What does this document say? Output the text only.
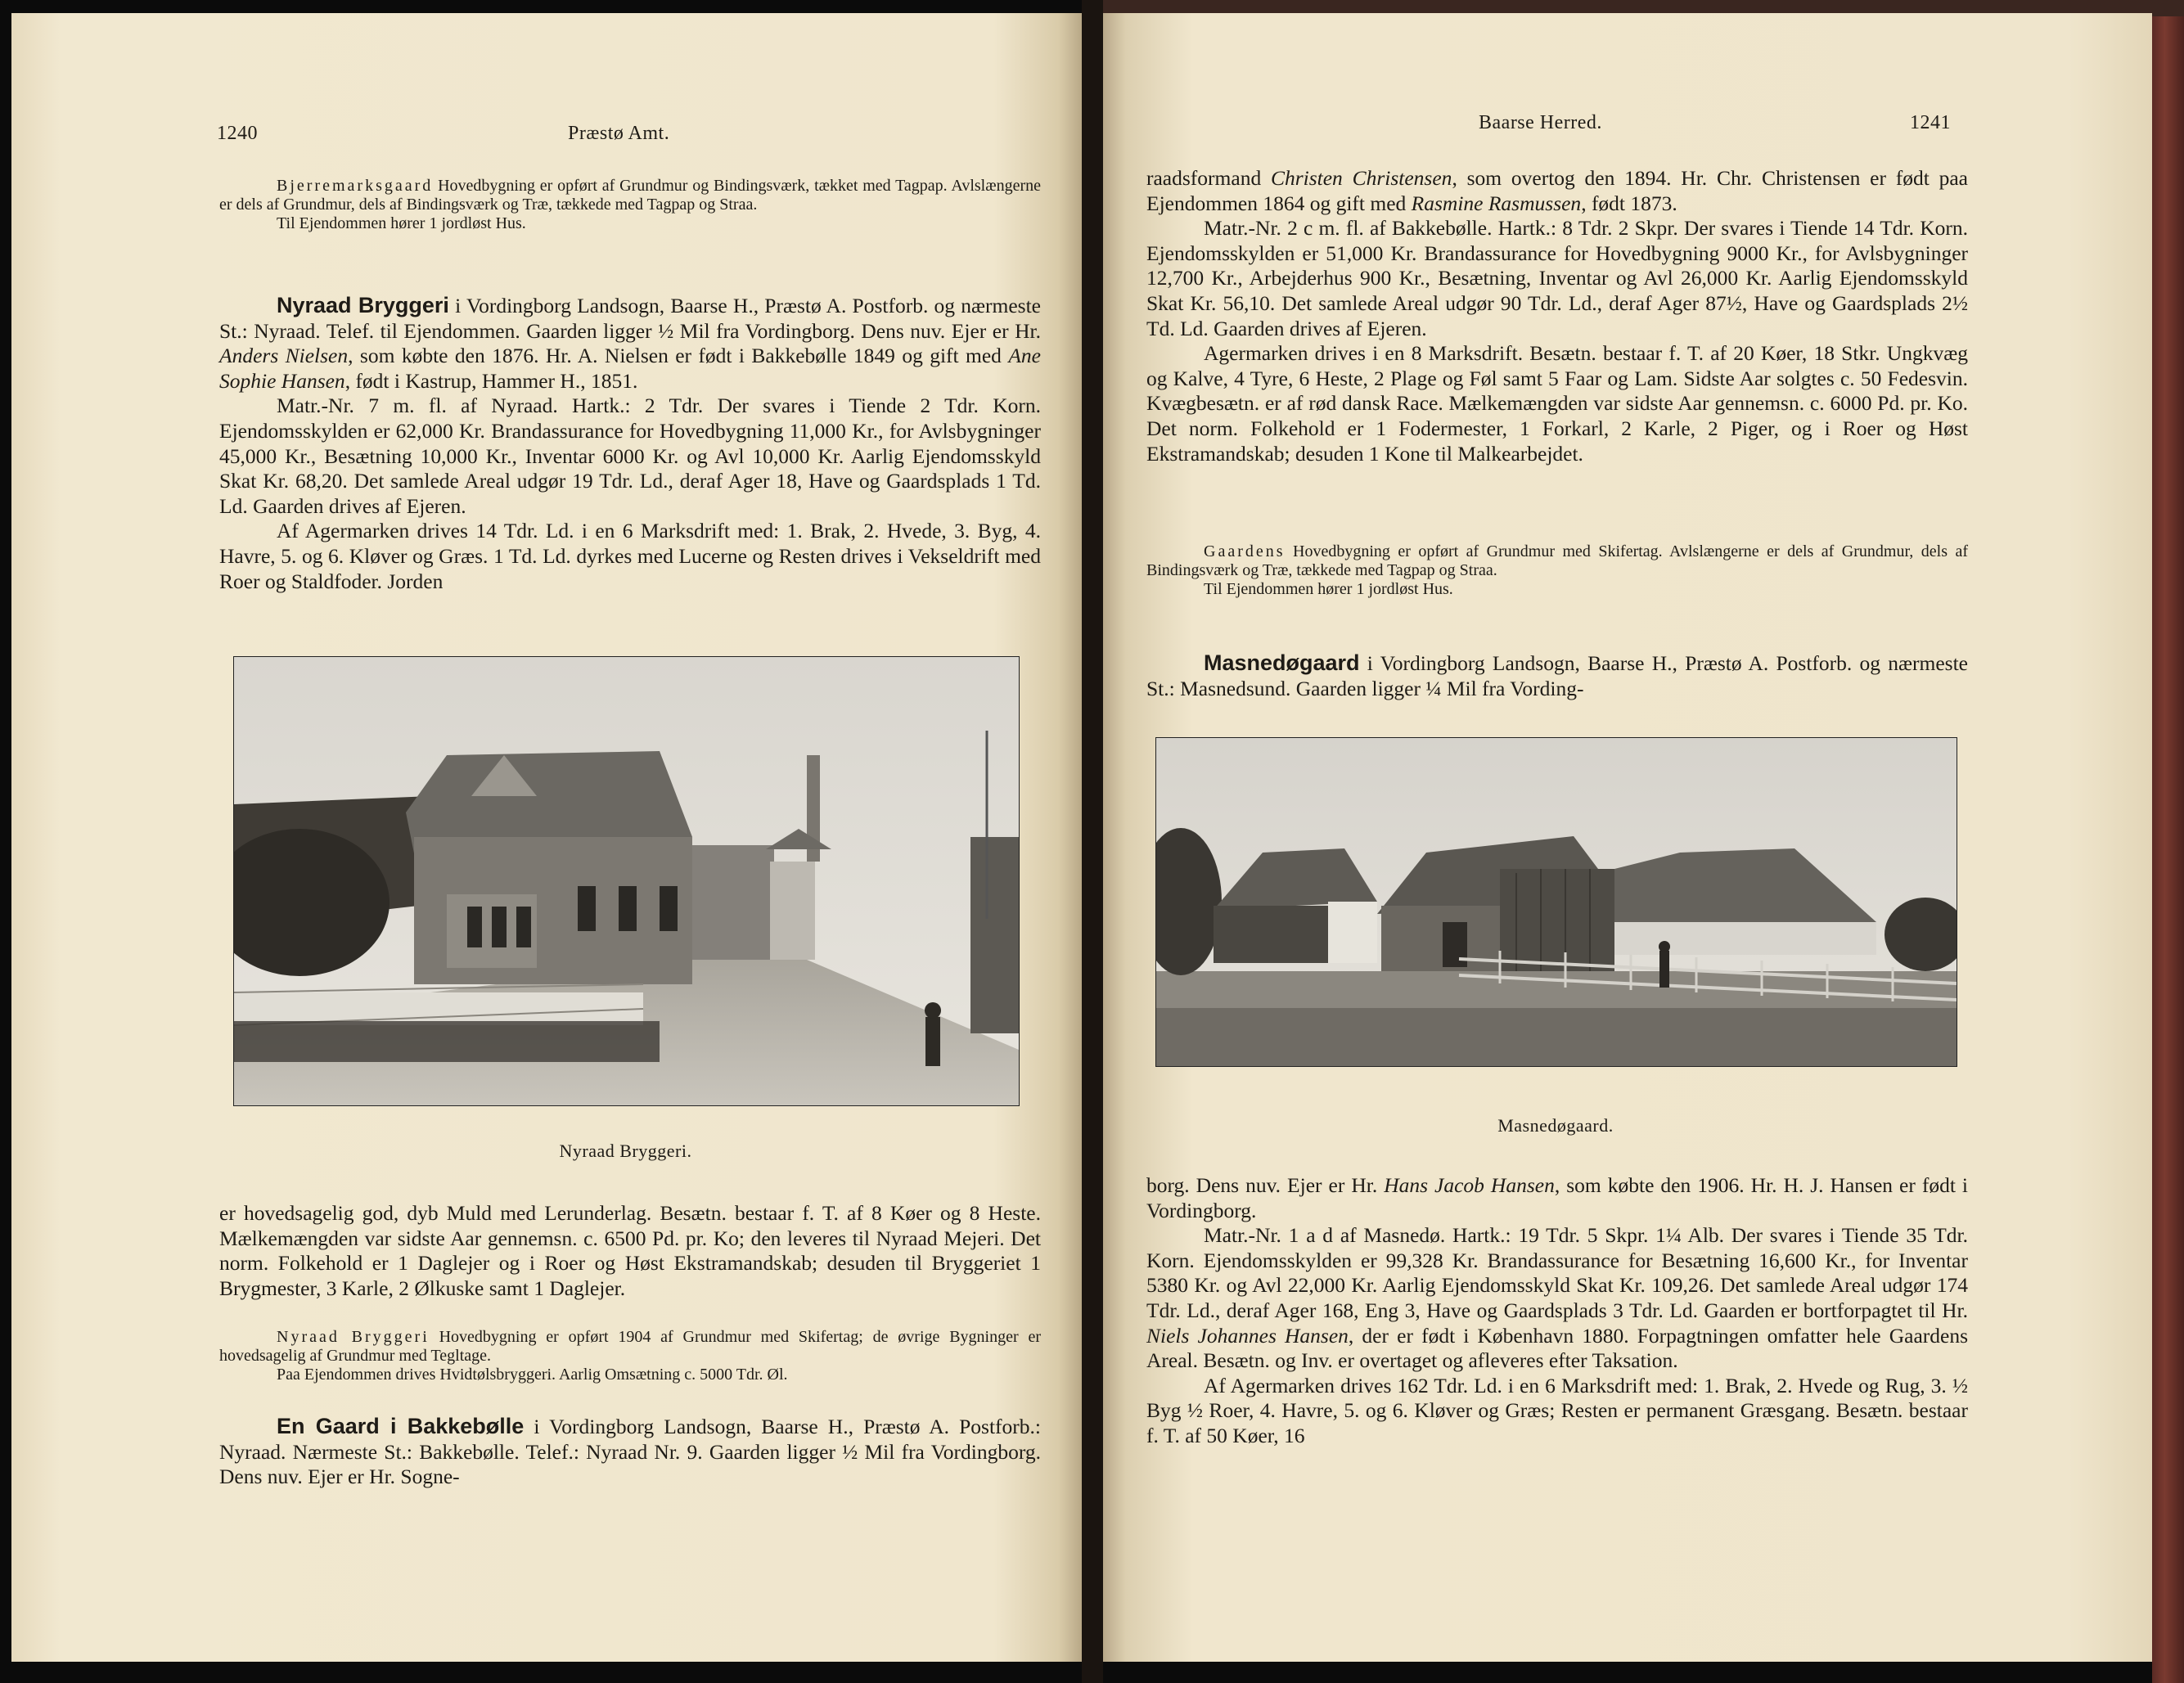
1240	Præstø Amt.

Bjerremarksgaard Hovedbygning er opført af Grundmur og Bindingsværk, tækket med Tagpap. Avlslængerne er dels af Grundmur, dels af Bindingsværk og Træ, tækkede med Tagpap og Straa.

Til Ejendommen hører 1 jordløst Hus.

Nyraad Bryggeri i Vordingborg Landsogn, Baarse H., Præstø A. Postforb. og nærmeste St.: Nyraad. Telef. til Ejendommen. Gaarden ligger ½ Mil fra Vordingborg. Dens nuv. Ejer er Hr. Anders Nielsen, som købte den 1876. Hr. A. Nielsen er født i Bakkebølle 1849 og gift med Ane Sophie Hansen, født i Kastrup, Hammer H., 1851.

Matr.-Nr. 7 m. fl. af Nyraad. Hartk.: 2 Tdr. Der svares i Tiende 2 Tdr. Korn. Ejendomsskylden er 62,000 Kr. Brandassurance for Hovedbygning 11,000 Kr., for Avlsbygninger 45,000 Kr., Besætning 10,000 Kr., Inventar 6000 Kr. og Avl 10,000 Kr. Aarlig Ejendomsskyld Skat Kr. 68,20. Det samlede Areal udgør 19 Tdr. Ld., deraf Ager 18, Have og Gaardsplads 1 Td. Ld. Gaarden drives af Ejeren.

Af Agermarken drives 14 Tdr. Ld. i en 6 Marksdrift med: 1. Brak, 2. Hvede, 3. Byg, 4. Havre, 5. og 6. Kløver og Græs. 1 Td. Ld. dyrkes med Lucerne og Resten drives i Vekseldrift med Roer og Staldfoder. Jorden

Nyraad Bryggeri.

er hovedsagelig god, dyb Muld med Lerunderlag. Besætn. bestaar f. T. af 8 Køer og 8 Heste. Mælkemængden var sidste Aar gennemsn. c. 6500 Pd. pr. Ko; den leveres til Nyraad Mejeri. Det norm. Folkehold er 1 Daglejer og i Roer og Høst Ekstramandskab; desuden til Bryggeriet 1 Brygmester, 3 Karle, 2 Ølkuske samt 1 Daglejer.

Nyraad Bryggeri Hovedbygning er opført 1904 af Grundmur med Skifertag; de øvrige Bygninger er hovedsagelig af Grundmur med Tegltage.

Paa Ejendommen drives Hvidtølsbryggeri. Aarlig Omsætning c. 5000 Tdr. Øl.

En Gaard i Bakkebølle i Vordingborg Landsogn, Baarse H., Præstø A. Postforb.: Nyraad. Nærmeste St.: Bakkebølle. Telef.: Nyraad Nr. 9. Gaarden ligger ½ Mil fra Vordingborg. Dens nuv. Ejer er Hr. Sogne-

Baarse Herred.	1241

raadsformand Christen Christensen, som overtog den 1894. Hr. Chr. Christensen er født paa Ejendommen 1864 og gift med Rasmine Rasmussen, født 1873.

Matr.-Nr. 2 c m. fl. af Bakkebølle. Hartk.: 8 Tdr. 2 Skpr. Der svares i Tiende 14 Tdr. Korn. Ejendomsskylden er 51,000 Kr. Brandassurance for Hovedbygning 9000 Kr., for Avlsbygninger 12,700 Kr., Arbejderhus 900 Kr., Besætning, Inventar og Avl 26,000 Kr. Aarlig Ejendomsskyld Skat Kr. 56,10. Det samlede Areal udgør 90 Tdr. Ld., deraf Ager 87½, Have og Gaardsplads 2½ Td. Ld. Gaarden drives af Ejeren.

Agermarken drives i en 8 Marksdrift. Besætn. bestaar f. T. af 20 Køer, 18 Stkr. Ungkvæg og Kalve, 4 Tyre, 6 Heste, 2 Plage og Føl samt 5 Faar og Lam. Sidste Aar solgtes c. 50 Fedesvin. Kvægbesætn. er af rød dansk Race. Mælkemængden var sidste Aar gennemsn. c. 6000 Pd. pr. Ko. Det norm. Folkehold er 1 Fodermester, 1 Forkarl, 2 Karle, 2 Piger, og i Roer og Høst Ekstramandskab; desuden 1 Kone til Malkearbejdet.

Gaardens Hovedbygning er opført af Grundmur med Skifertag. Avlslængerne er dels af Grundmur, dels af Bindingsværk og Træ, tækkede med Tagpap og Straa.

Til Ejendommen hører 1 jordløst Hus.

Masnedøgaard i Vordingborg Landsogn, Baarse H., Præstø A. Postforb. og nærmeste St.: Masnedsund. Gaarden ligger ¼ Mil fra Vording-

Masnedøgaard.

borg. Dens nuv. Ejer er Hr. Hans Jacob Hansen, som købte den 1906. Hr. H. J. Hansen er født i Vordingborg.

Matr.-Nr. 1 a d af Masnedø. Hartk.: 19 Tdr. 5 Skpr. 1¼ Alb. Der svares i Tiende 35 Tdr. Korn. Ejendomsskylden er 99,328 Kr. Brandassurance for Besætning 16,600 Kr., for Inventar 5380 Kr. og Avl 22,000 Kr. Aarlig Ejendomsskyld Skat Kr. 109,26. Det samlede Areal udgør 174 Tdr. Ld., deraf Ager 168, Eng 3, Have og Gaardsplads 3 Tdr. Ld. Gaarden er bortforpagtet til Hr. Niels Johannes Hansen, der er født i København 1880. Forpagtningen omfatter hele Gaardens Areal. Besætn. og Inv. er overtaget og afleveres efter Taksation.

Af Agermarken drives 162 Tdr. Ld. i en 6 Marksdrift med: 1. Brak, 2. Hvede og Rug, 3. ½ Byg ½ Roer, 4. Havre, 5. og 6. Kløver og Græs; Resten er permanent Græsgang. Besætn. bestaar f. T. af 50 Køer, 16
